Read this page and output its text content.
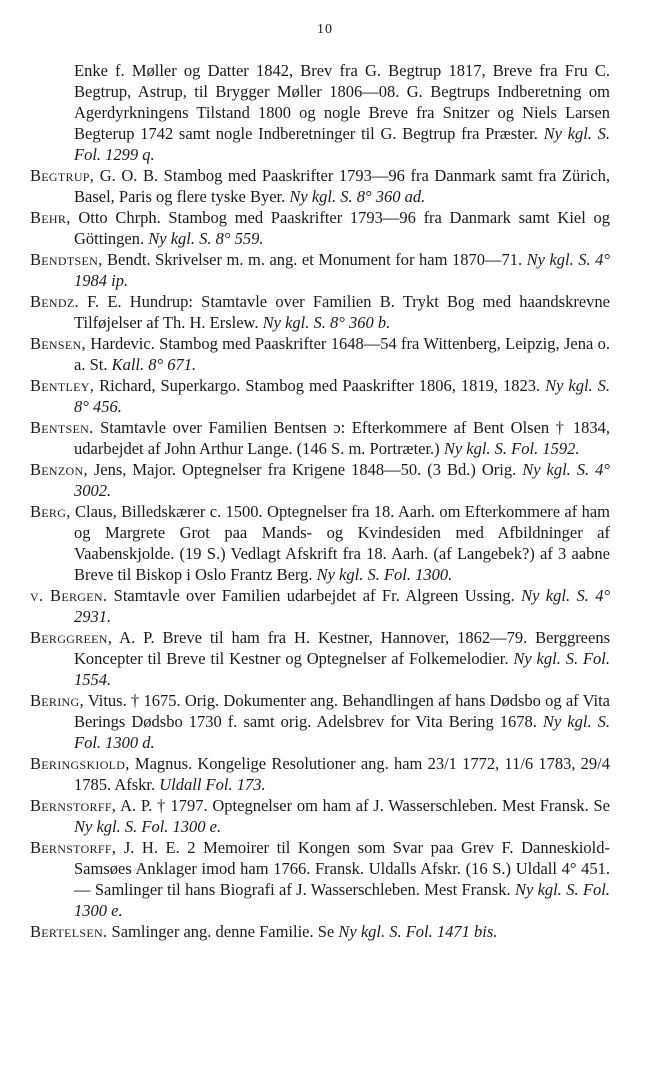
10

Enke f. Møller og Datter 1842, Brev fra G. Begtrup 1817, Breve fra Fru C. Begtrup, Astrup, til Brygger Møller 1806—08. G. Begtrups Indberetning om Agerdyrkningens Tilstand 1800 og nogle Breve fra Snitzer og Niels Larsen Begterup 1742 samt nogle Indberetninger til G. Begtrup fra Præster. Ny kgl. S. Fol. 1299 q.

Begtrup, G. O. B. Stambog med Paaskrifter 1793—96 fra Danmark samt fra Zürich, Basel, Paris og flere tyske Byer. Ny kgl. S. 8° 360 ad.

Behr, Otto Chrph. Stambog med Paaskrifter 1793—96 fra Danmark samt Kiel og Göttingen. Ny kgl. S. 8° 559.

Bendtsen, Bendt. Skrivelser m. m. ang. et Monument for ham 1870—71. Ny kgl. S. 4° 1984 ip.

Bendz. F. E. Hundrup: Stamtavle over Familien B. Trykt Bog med haandskrevne Tilføjelser af Th. H. Erslew. Ny kgl. S. 8° 360 b.

Bensen, Hardevic. Stambog med Paaskrifter 1648—54 fra Wittenberg, Leipzig, Jena o. a. St. Kall. 8° 671.

Bentley, Richard, Superkargo. Stambog med Paaskrifter 1806, 1819, 1823. Ny kgl. S. 8° 456.

Bentsen. Stamtavle over Familien Bentsen ɔ: Efterkommere af Bent Olsen † 1834, udarbejdet af John Arthur Lange. (146 S. m. Portræter.) Ny kgl. S. Fol. 1592.

Benzon, Jens, Major. Optegnelser fra Krigene 1848—50. (3 Bd.) Orig. Ny kgl. S. 4° 3002.

Berg, Claus, Billedskærer c. 1500. Optegnelser fra 18. Aarh. om Efterkommere af ham og Margrete Grot paa Mands- og Kvindesiden med Afbildninger af Vaabenskjolde. (19 S.) Vedlagt Afskrift fra 18. Aarh. (af Langebek?) af 3 aabne Breve til Biskop i Oslo Frantz Berg. Ny kgl. S. Fol. 1300.

v. Bergen. Stamtavle over Familien udarbejdet af Fr. Algreen Ussing. Ny kgl. S. 4° 2931.

Berggreen, A. P. Breve til ham fra H. Kestner, Hannover, 1862—79. Berggreens Koncepter til Breve til Kestner og Optegnelser af Folkemelodier. Ny kgl. S. Fol. 1554.

Bering, Vitus. † 1675. Orig. Dokumenter ang. Behandlingen af hans Dødsbo og af Vita Berings Dødsbo 1730 f. samt orig. Adelsbrev for Vita Bering 1678. Ny kgl. S. Fol. 1300 d.

Beringskiold, Magnus. Kongelige Resolutioner ang. ham 23/1 1772, 11/6 1783, 29/4 1785. Afskr. Uldall Fol. 173.

Bernstorff, A. P. † 1797. Optegnelser om ham af J. Wasserschleben. Mest Fransk. Se Ny kgl. S. Fol. 1300 e.

Bernstorff, J. H. E. 2 Memoirer til Kongen som Svar paa Grev F. Danneskiold-Samsøes Anklager imod ham 1766. Fransk. Uldalls Afskr. (16 S.) Uldall 4° 451. — Samlinger til hans Biografi af J. Wasserschleben. Mest Fransk. Ny kgl. S. Fol. 1300 e.

Bertelsen. Samlinger ang. denne Familie. Se Ny kgl. S. Fol. 1471 bis.
